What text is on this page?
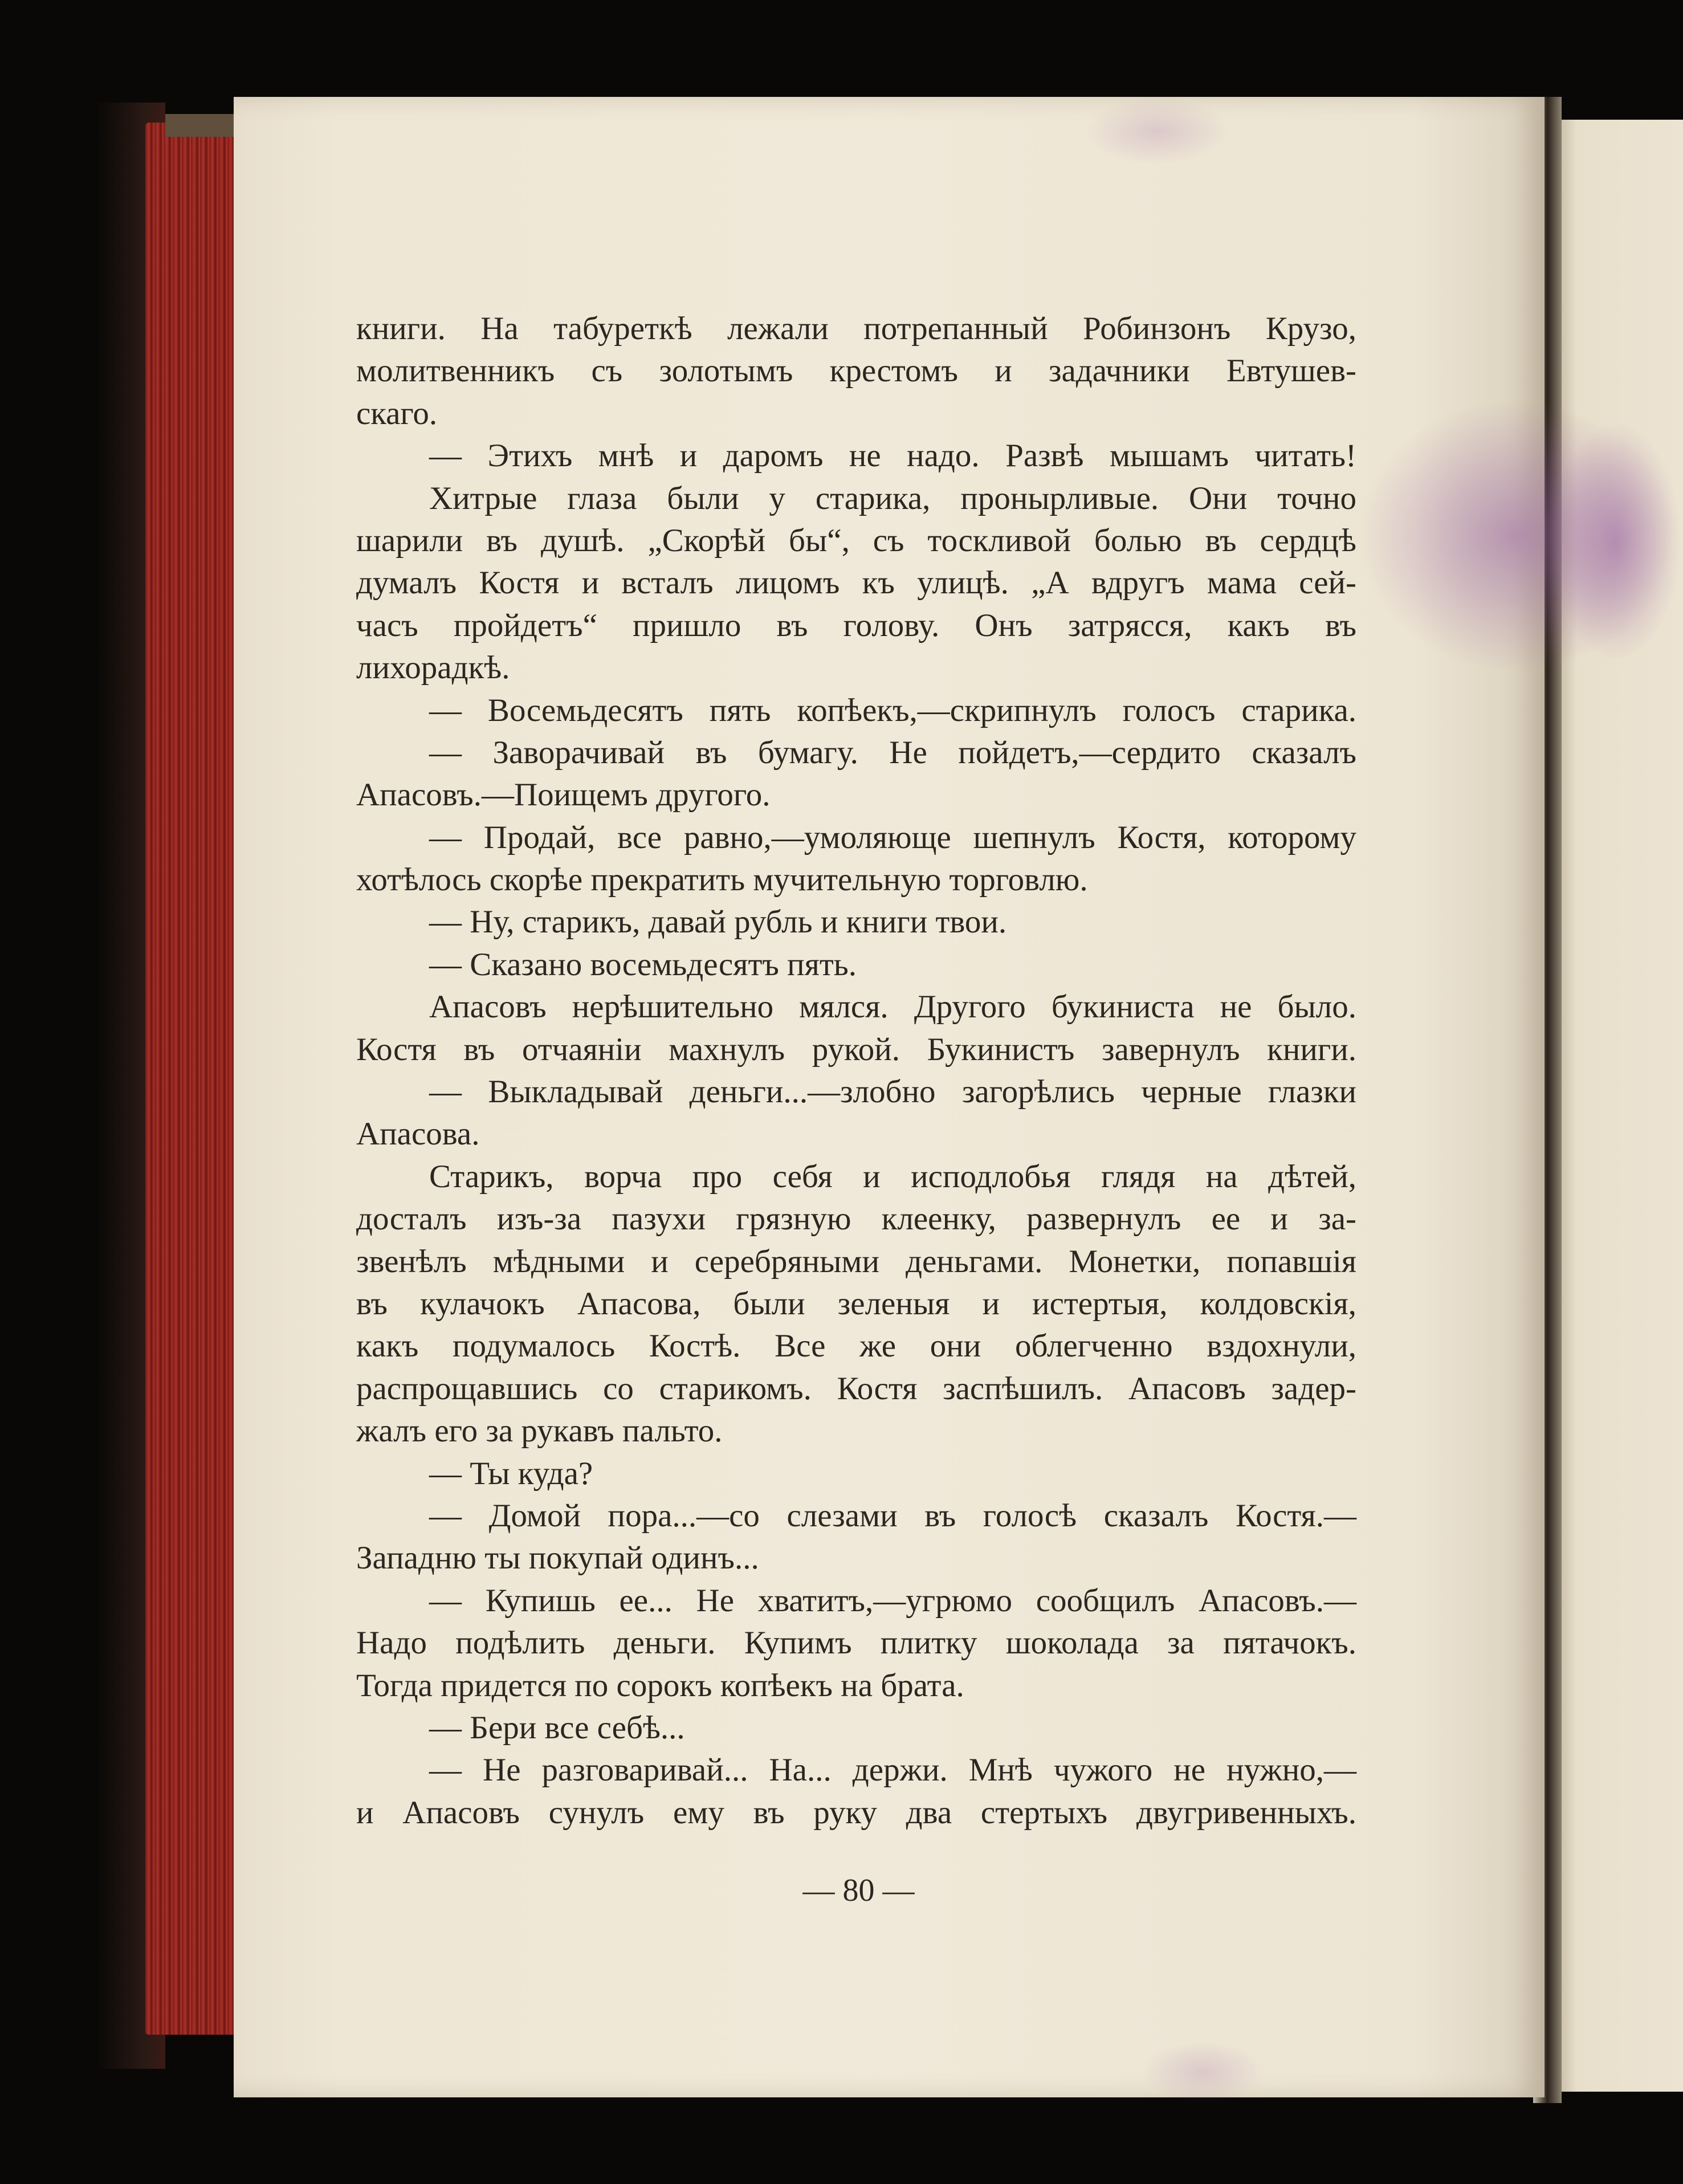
книги. На табуреткѣ лежали потрепанный Робинзонъ Крузо,
молитвенникъ съ золотымъ крестомъ и задачники Евтушев-
скаго.
— Этихъ мнѣ и даромъ не надо. Развѣ мышамъ читать!
Хитрые глаза были у старика, пронырливые. Они точно
шарили въ душѣ. „Скорѣй бы“, съ тоскливой болью въ сердцѣ
думалъ Костя и всталъ лицомъ къ улицѣ. „А вдругъ мама сей-
часъ пройдетъ“ пришло въ голову. Онъ затрясся, какъ въ
лихорадкѣ.
— Восемьдесятъ пять копѣекъ,—скрипнулъ голосъ старика.
— Заворачивай въ бумагу. Не пойдетъ,—сердито сказалъ
Апасовъ.—Поищемъ другого.
— Продай, все равно,—умоляюще шепнулъ Костя, которому
хотѣлось скорѣе прекратить мучительную торговлю.
— Ну, старикъ, давай рубль и книги твои.
— Сказано восемьдесятъ пять.
Апасовъ нерѣшительно мялся. Другого букиниста не было.
Костя въ отчаяніи махнулъ рукой. Букинистъ завернулъ книги.
— Выкладывай деньги...—злобно загорѣлись черные глазки
Апасова.
Старикъ, ворча про себя и исподлобья глядя на дѣтей,
досталъ изъ-за пазухи грязную клеенку, развернулъ ее и за-
звенѣлъ мѣдными и серебряными деньгами. Монетки, попавшія
въ кулачокъ Апасова, были зеленыя и истертыя, колдовскія,
какъ подумалось Костѣ. Все же они облегченно вздохнули,
распрощавшись со старикомъ. Костя заспѣшилъ. Апасовъ задер-
жалъ его за рукавъ пальто.
— Ты куда?
— Домой пора...—со слезами въ голосѣ сказалъ Костя.—
Западню ты покупай одинъ...
— Купишь ее... Не хватитъ,—угрюмо сообщилъ Апасовъ.—
Надо подѣлить деньги. Купимъ плитку шоколада за пятачокъ.
Тогда придется по сорокъ копѣекъ на брата.
— Бери все себѣ...
— Не разговаривай... На... держи. Мнѣ чужого не нужно,—
и Апасовъ сунулъ ему въ руку два стертыхъ двугривенныхъ.
— 80 —
